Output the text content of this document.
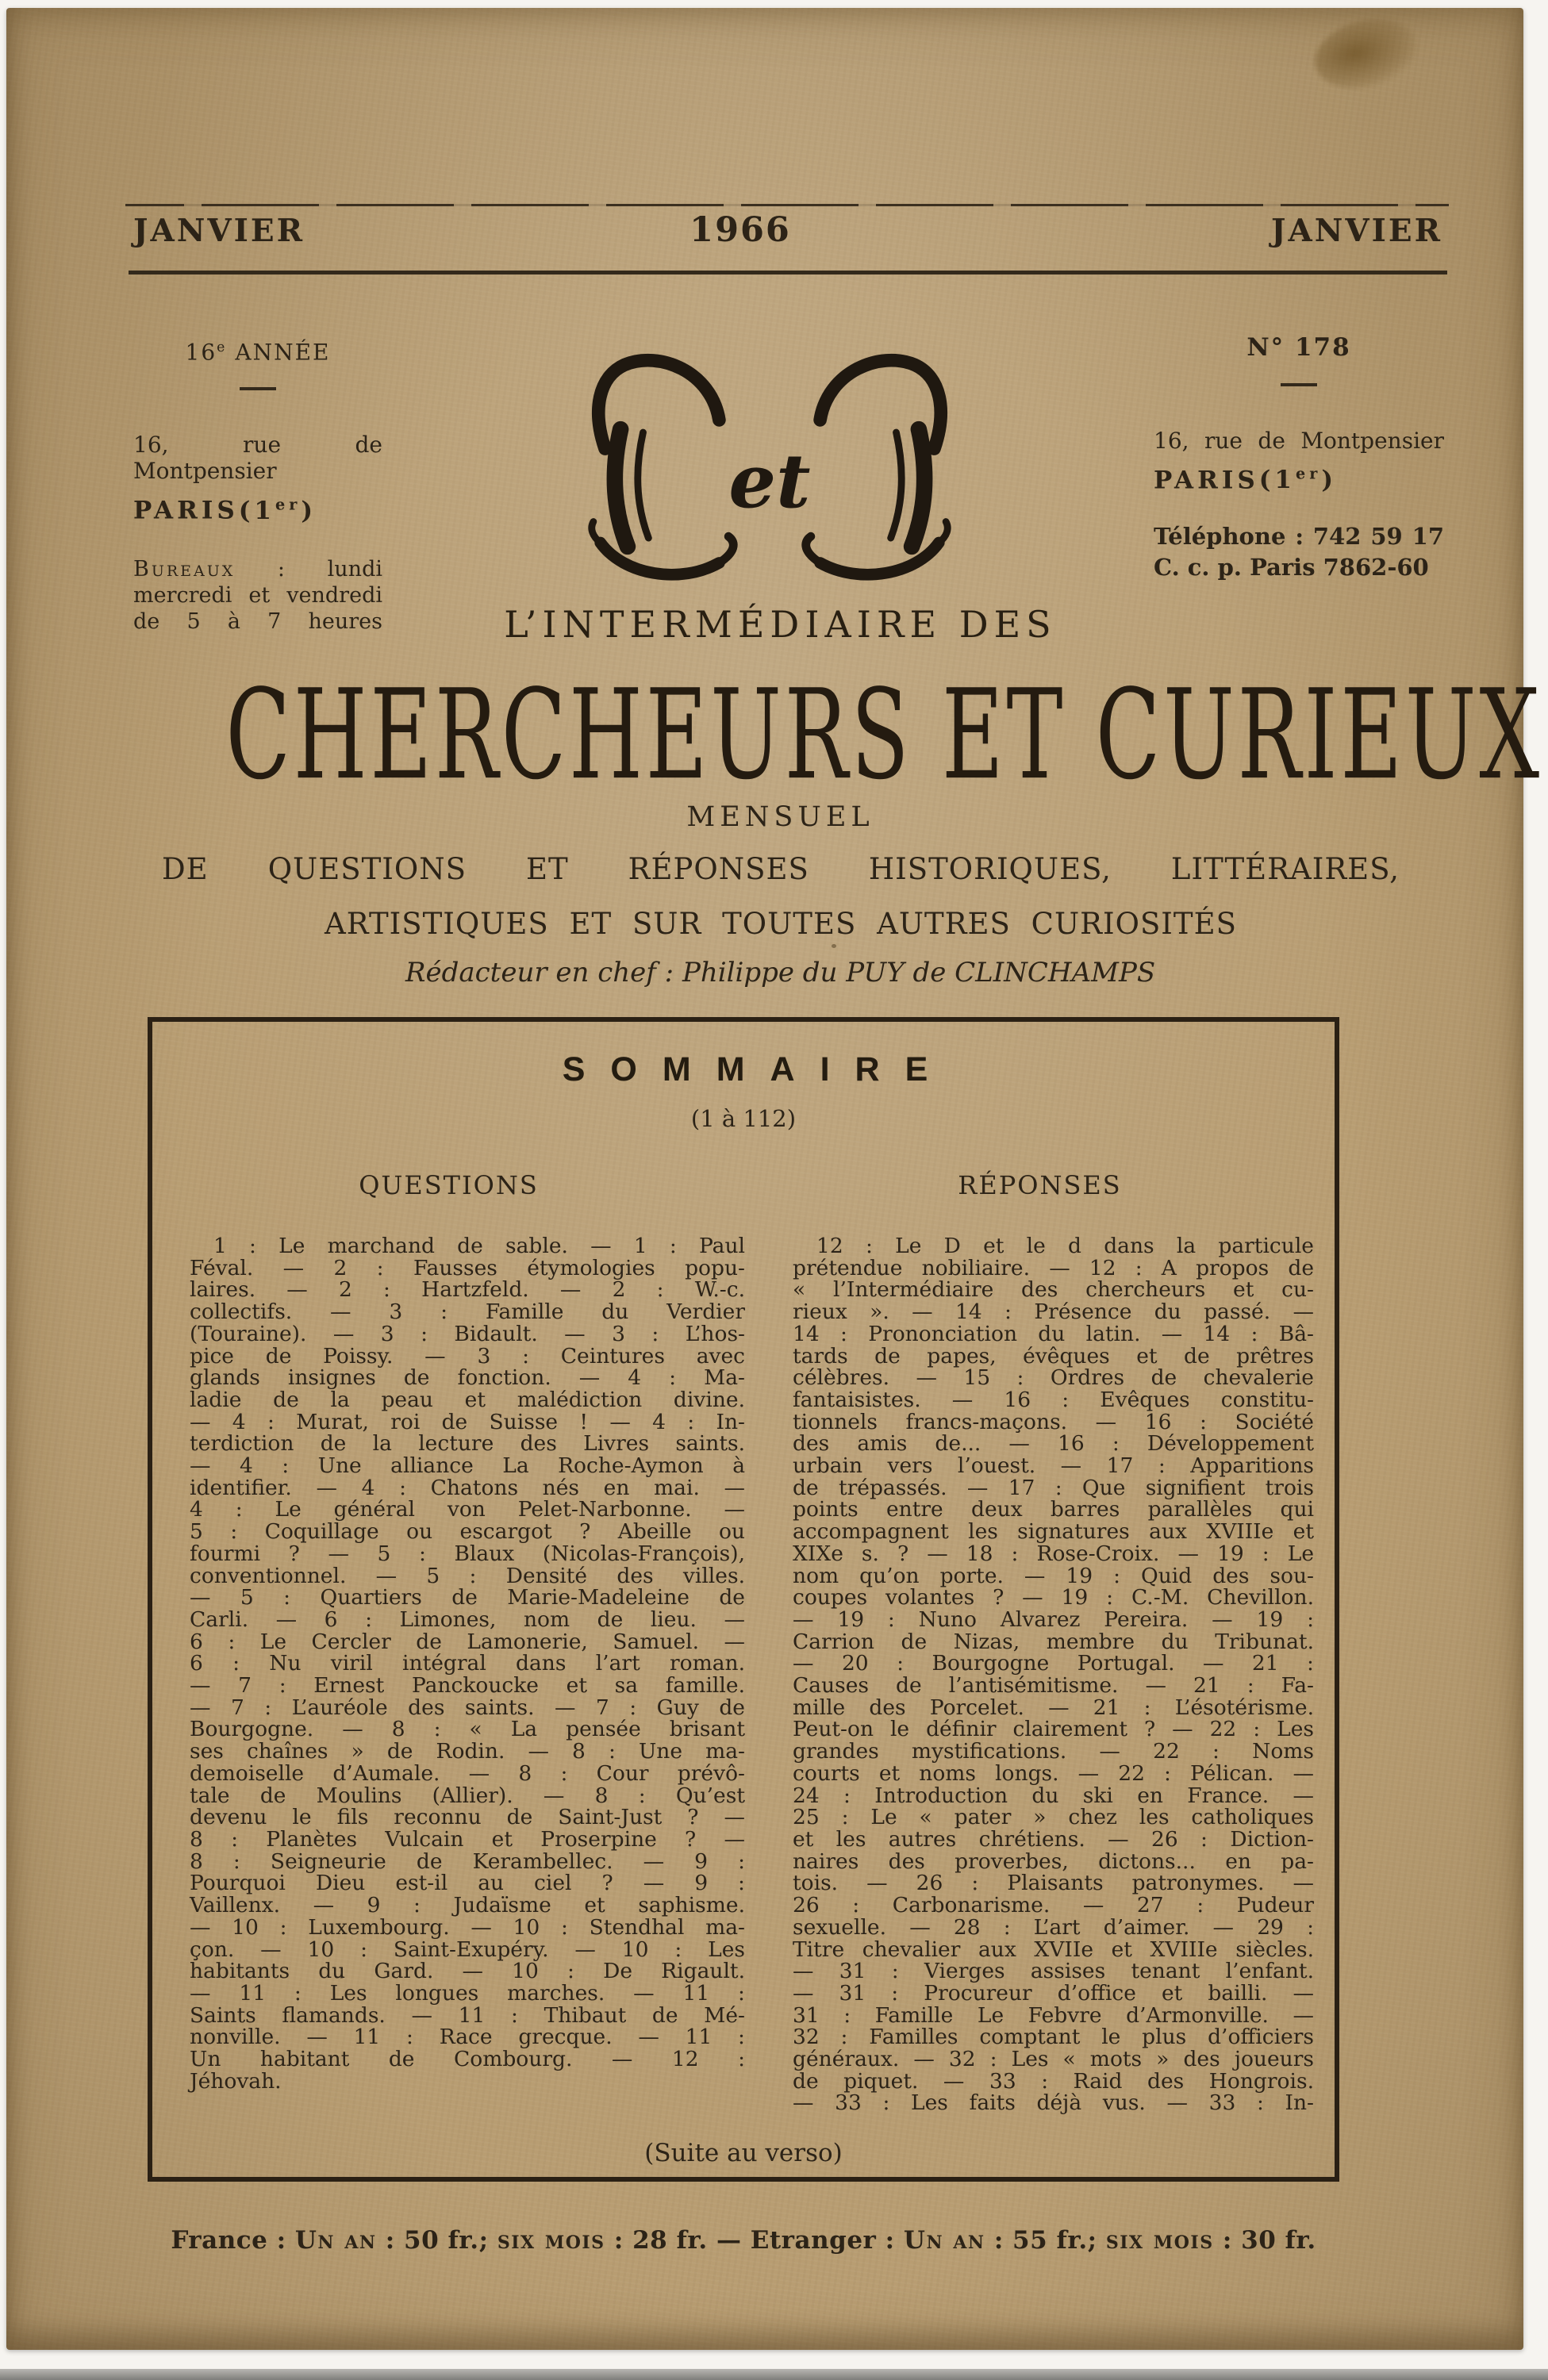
JANVIER	JANVIER
1966
16e ANNÉE
16, rue de Montpensier
PARIS(1er)
Bureaux : lundi
mercredi et vendredi
de 5 à 7 heures
et
N° 178
16, rue de Montpensier
PARIS(1er)
Téléphone : 742 59 17
C. c. p. Paris 7862-60
L’INTERMÉDIAIRE DES
CHERCHEURS ET CURIEUX
MENSUEL
DE QUESTIONS ET RÉPONSES HISTORIQUES, LITTÉRAIRES,
ARTISTIQUES ET SUR TOUTES AUTRES CURIOSITÉS
Rédacteur en chef : Philippe du PUY de CLINCHAMPS
SOMMAIRE
(1 à 112)
QUESTIONS	RÉPONSES
1 : Le marchand de sable. — 1 : Paul
Féval. — 2 : Fausses étymologies popu-
laires. — 2 : Hartzfeld. — 2 : W.-c.
collectifs. — 3 : Famille du Verdier
(Touraine). — 3 : Bidault. — 3 : L’hos-
pice de Poissy. — 3 : Ceintures avec
glands insignes de fonction. — 4 : Ma-
ladie de la peau et malédiction divine.
— 4 : Murat, roi de Suisse ! — 4 : In-
terdiction de la lecture des Livres saints.
— 4 : Une alliance La Roche-Aymon à
identifier. — 4 : Chatons nés en mai. —
4 : Le général von Pelet-Narbonne. —
5 : Coquillage ou escargot ? Abeille ou
fourmi ? — 5 : Blaux (Nicolas-François),
conventionnel. — 5 : Densité des villes.
— 5 : Quartiers de Marie-Madeleine de
Carli. — 6 : Limones, nom de lieu. —
6 : Le Cercler de Lamonerie, Samuel. —
6 : Nu viril intégral dans l’art roman.
— 7 : Ernest Panckoucke et sa famille.
— 7 : L’auréole des saints. — 7 : Guy de
Bourgogne. — 8 : « La pensée brisant
ses chaînes » de Rodin. — 8 : Une ma-
demoiselle d’Aumale. — 8 : Cour prévô-
tale de Moulins (Allier). — 8 : Qu’est
devenu le fils reconnu de Saint-Just ? —
8 : Planètes Vulcain et Proserpine ? —
8 : Seigneurie de Kerambellec. — 9 :
Pourquoi Dieu est-il au ciel ? — 9 :
Vaillenx. — 9 : Judaïsme et saphisme.
— 10 : Luxembourg. — 10 : Stendhal ma-
çon. — 10 : Saint-Exupéry. — 10 : Les
habitants du Gard. — 10 : De Rigault.
— 11 : Les longues marches. — 11 :
Saints flamands. — 11 : Thibaut de Mé-
nonville. — 11 : Race grecque. — 11 :
Un habitant de Combourg. — 12 :
Jéhovah.
12 : Le D et le d dans la particule
prétendue nobiliaire. — 12 : A propos de
« l’Intermédiaire des chercheurs et cu-
rieux ». — 14 : Présence du passé. —
14 : Prononciation du latin. — 14 : Bâ-
tards de papes, évêques et de prêtres
célèbres. — 15 : Ordres de chevalerie
fantaisistes. — 16 : Evêques constitu-
tionnels francs-maçons. — 16 : Société
des amis de... — 16 : Développement
urbain vers l’ouest. — 17 : Apparitions
de trépassés. — 17 : Que signifient trois
points entre deux barres parallèles qui
accompagnent les signatures aux XVIIIe et
XIXe s. ? — 18 : Rose-Croix. — 19 : Le
nom qu’on porte. — 19 : Quid des sou-
coupes volantes ? — 19 : C.-M. Chevillon.
— 19 : Nuno Alvarez Pereira. — 19 :
Carrion de Nizas, membre du Tribunat.
— 20 : Bourgogne Portugal. — 21 :
Causes de l’antisémitisme. — 21 : Fa-
mille des Porcelet. — 21 : L’ésotérisme.
Peut-on le définir clairement ? — 22 : Les
grandes mystifications. — 22 : Noms
courts et noms longs. — 22 : Pélican. —
24 : Introduction du ski en France. —
25 : Le « pater » chez les catholiques
et les autres chrétiens. — 26 : Diction-
naires des proverbes, dictons... en pa-
tois. — 26 : Plaisants patronymes. —
26 : Carbonarisme. — 27 : Pudeur
sexuelle. — 28 : L’art d’aimer. — 29 :
Titre chevalier aux XVIIe et XVIIIe siècles.
— 31 : Vierges assises tenant l’enfant.
— 31 : Procureur d’office et bailli. —
31 : Famille Le Febvre d’Armonville. —
32 : Familles comptant le plus d’officiers
généraux. — 32 : Les « mots » des joueurs
de piquet. — 33 : Raid des Hongrois.
— 33 : Les faits déjà vus. — 33 : In-
(Suite au verso)
France : Un an : 50 fr.; six mois : 28 fr. — Etranger : Un an : 55 fr.; six mois : 30 fr.
